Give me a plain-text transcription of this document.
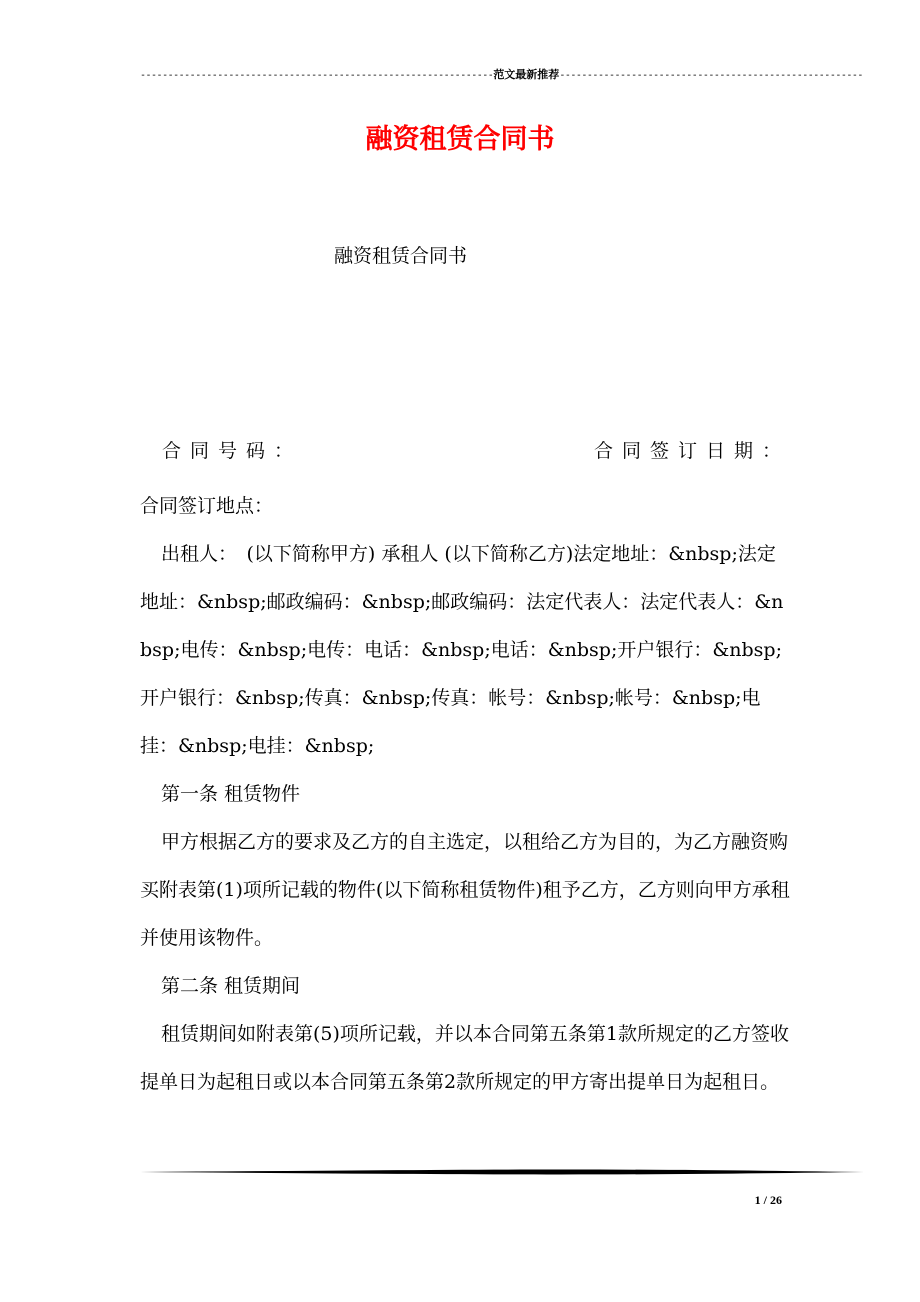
----------------------------------------------------------------范文最新推荐-------------------------------------------------------
融资租赁合同书
融资租赁合同书
合同号码：	合同签订日期：

合同签订地点：

出租人：　(以下简称甲方) 承租人 (以下简称乙方)法定地址：&nbsp;法定地址：&nbsp;邮政编码：&nbsp;邮政编码：法定代表人：法定代表人：&nbsp;电传：&nbsp;电传：电话：&nbsp;电话：&nbsp;开户银行：&nbsp;开户银行：&nbsp;传真：&nbsp;传真：帐号：&nbsp;帐号：&nbsp;电挂：&nbsp;电挂：&nbsp;

第一条 租赁物件

甲方根据乙方的要求及乙方的自主选定，以租给乙方为目的，为乙方融资购买附表第(1)项所记载的物件(以下简称租赁物件)租予乙方，乙方则向甲方承租并使用该物件。

第二条 租赁期间

租赁期间如附表第(5)项所记载，并以本合同第五条第1款所规定的乙方签收提单日为起租日或以本合同第五条第2款所规定的甲方寄出提单日为起租日。

1 / 26
